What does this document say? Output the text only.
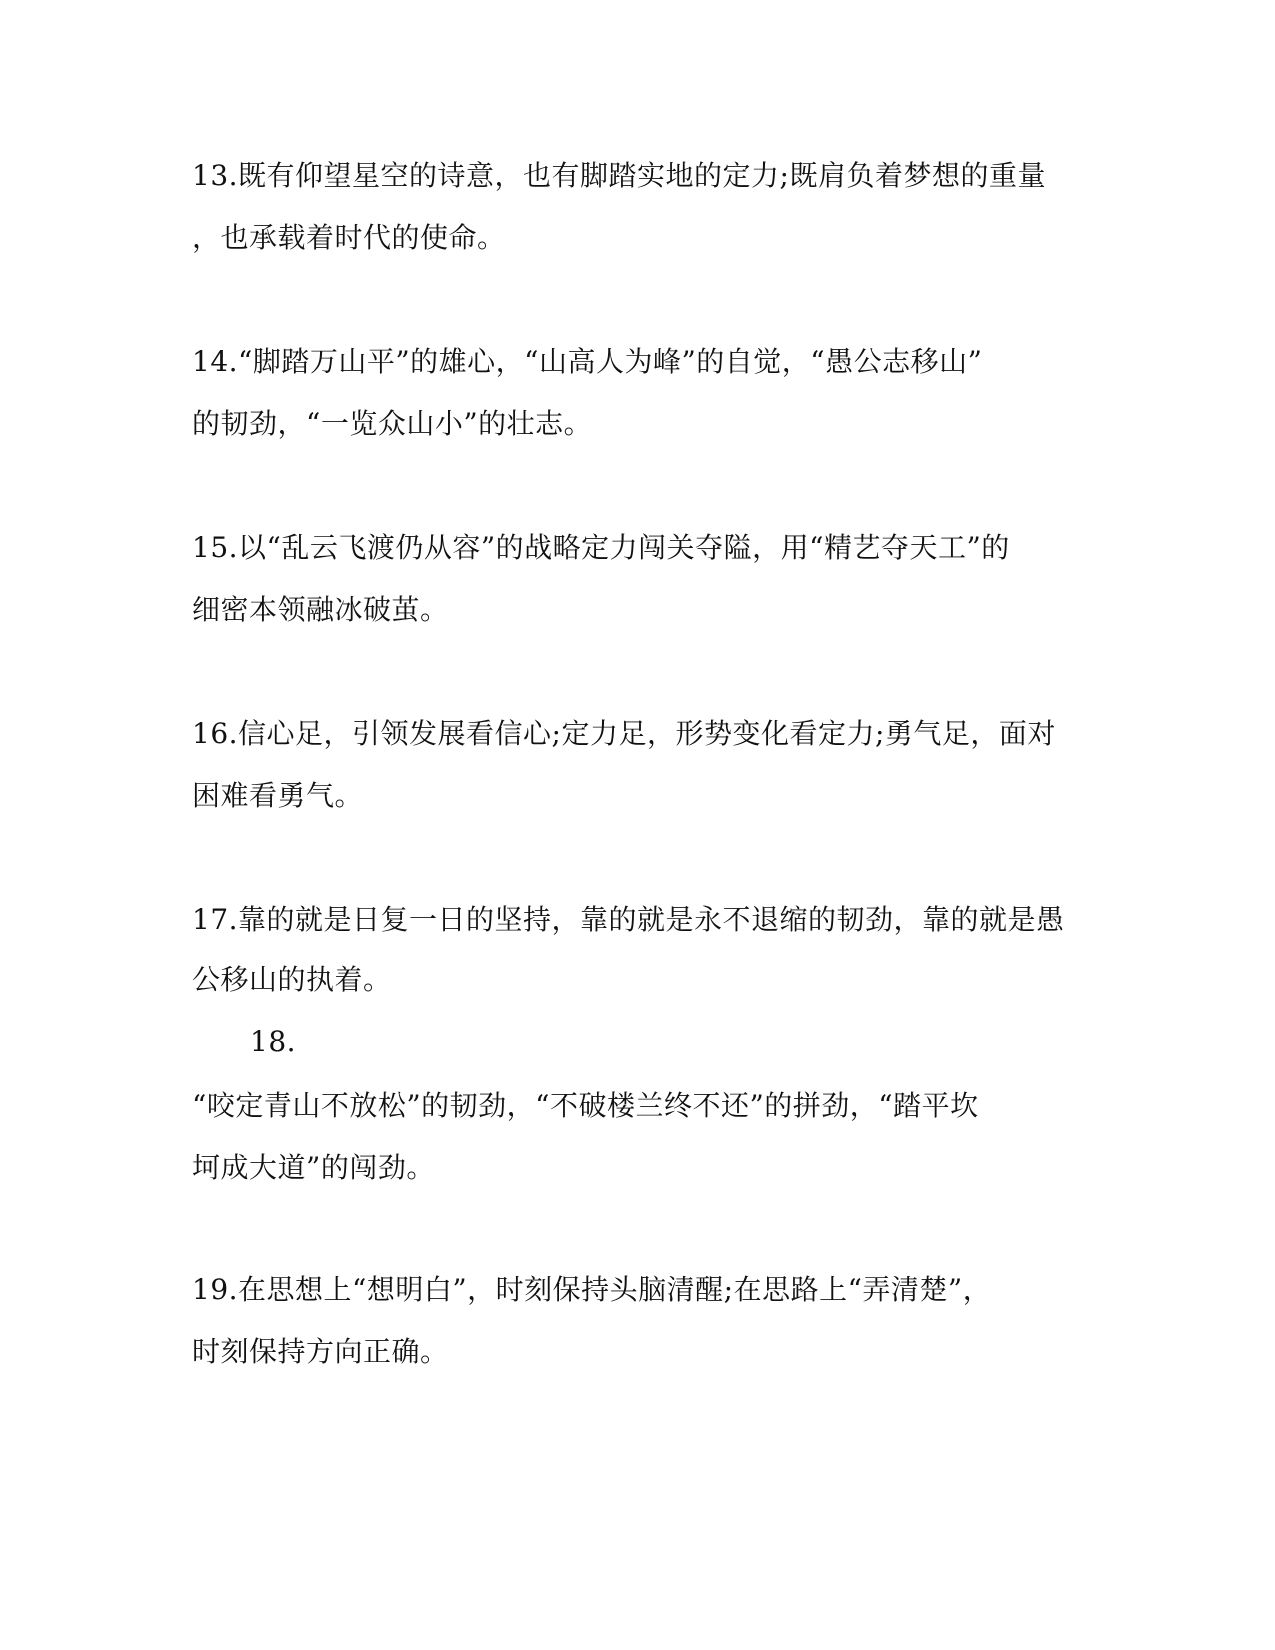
13.既有仰望星空的诗意，也有脚踏实地的定力;既肩负着梦想的重量
，也承载着时代的使命。
14.“脚踏万山平”的雄心，“山高人为峰”的自觉，“愚公志移山”
的韧劲，“一览众山小”的壮志。
15.以“乱云飞渡仍从容”的战略定力闯关夺隘，用“精艺夺天工”的
细密本领融冰破茧。
16.信心足，引领发展看信心;定力足，形势变化看定力;勇气足，面对
困难看勇气。
17.靠的就是日复一日的坚持，靠的就是永不退缩的韧劲，靠的就是愚
公移山的执着。
18.
“咬定青山不放松”的韧劲，“不破楼兰终不还”的拼劲，“踏平坎
坷成大道”的闯劲。
19.在思想上“想明白”，时刻保持头脑清醒;在思路上“弄清楚”，
时刻保持方向正确。
